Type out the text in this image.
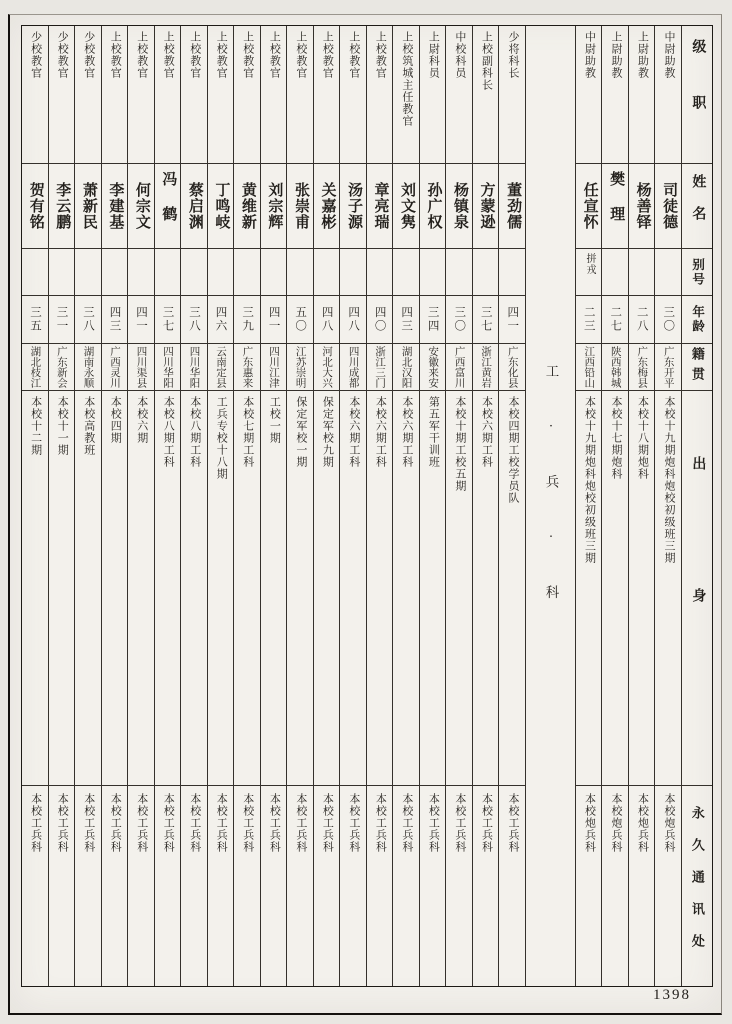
级职
姓名
别号
年龄
籍贯
出身
永久通讯处
中尉助教
司徒德
三〇
广东开平
本校十九期炮科炮校初级班三期
本校炮兵科
上尉助教
杨善铎
二八
广东梅县
本校十八期炮科
本校炮兵科
上尉助教
樊理
二七
陕西韩城
本校十七期炮科
本校炮兵科
中尉助教
任宣怀
拼戎
二三
江西铅山
本校十九期炮科炮校初级班三期
本校炮兵科
工·兵·科
少将科长
董劲儒
四一
广东化县
本校四期工校学员队
本校工兵科
上校副科长
方蒙逊
三七
浙江黄岩
本校六期工科
本校工兵科
中校科员
杨镇泉
三〇
广西富川
本校十期工校五期
本校工兵科
上尉科员
孙广权
三四
安徽来安
第五军干训班
本校工兵科
上校筑城主任教官
刘文隽
四三
湖北汉阳
本校六期工科
本校工兵科
上校教官
章亮瑞
四〇
浙江三门
本校六期工科
本校工兵科
上校教官
汤子源
四八
四川成都
本校六期工科
本校工兵科
上校教官
关嘉彬
四八
河北大兴
保定军校九期
本校工兵科
上校教官
张崇甫
五〇
江苏崇明
保定军校一期
本校工兵科
上校教官
刘宗辉
四一
四川江津
工校一期
本校工兵科
上校教官
黄维新
三九
广东惠来
本校七期工科
本校工兵科
上校教官
丁鸣岐
四六
云南定县
工兵专校十八期
本校工兵科
上校教官
蔡启渊
三八
四川华阳
本校八期工科
本校工兵科
上校教官
冯鹤
三七
四川华阳
本校八期工科
本校工兵科
上校教官
何宗文
四一
四川渠县
本校六期
本校工兵科
上校教官
李建基
四三
广西灵川
本校四期
本校工兵科
少校教官
萧新民
三八
湖南永顺
本校高教班
本校工兵科
少校教官
李云鹏
三一
广东新会
本校十一期
本校工兵科
少校教官
贺有铭
三五
湖北枝江
本校十二期
本校工兵科
1398
